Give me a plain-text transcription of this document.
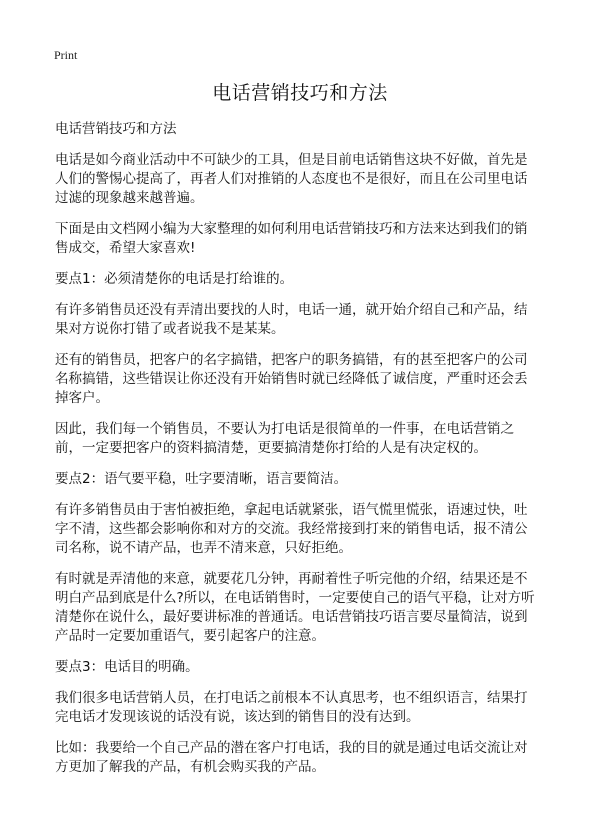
Print
电话营销技巧和方法

电话营销技巧和方法

电话是如今商业活动中不可缺少的工具，但是目前电话销售这块不好做，首先是人们的警惕心提高了，再者人们对推销的人态度也不是很好，而且在公司里电话过滤的现象越来越普遍。

下面是由文档网小编为大家整理的如何利用电话营销技巧和方法来达到我们的销售成交，希望大家喜欢!

要点1：必须清楚你的电话是打给谁的。

有许多销售员还没有弄清出要找的人时，电话一通，就开始介绍自己和产品，结果对方说你打错了或者说我不是某某。

还有的销售员，把客户的名字搞错，把客户的职务搞错，有的甚至把客户的公司名称搞错，这些错误让你还没有开始销售时就已经降低了诚信度，严重时还会丢掉客户。

因此，我们每一个销售员，不要认为打电话是很简单的一件事，在电话营销之前，一定要把客户的资料搞清楚，更要搞清楚你打给的人是有决定权的。

要点2：语气要平稳，吐字要清晰，语言要简洁。

有许多销售员由于害怕被拒绝，拿起电话就紧张，语气慌里慌张，语速过快，吐字不清，这些都会影响你和对方的交流。我经常接到打来的销售电话，报不清公司名称，说不请产品，也弄不清来意，只好拒绝。

有时就是弄清他的来意，就要花几分钟，再耐着性子听完他的介绍，结果还是不明白产品到底是什么?所以，在电话销售时，一定要使自己的语气平稳，让对方听清楚你在说什么，最好要讲标准的普通话。电话营销技巧语言要尽量简洁，说到产品时一定要加重语气，要引起客户的注意。

要点3：电话目的明确。

我们很多电话营销人员，在打电话之前根本不认真思考，也不组织语言，结果打完电话才发现该说的话没有说，该达到的销售目的没有达到。

比如：我要给一个自己产品的潜在客户打电话，我的目的就是通过电话交流让对方更加了解我的产品，有机会购买我的产品。
